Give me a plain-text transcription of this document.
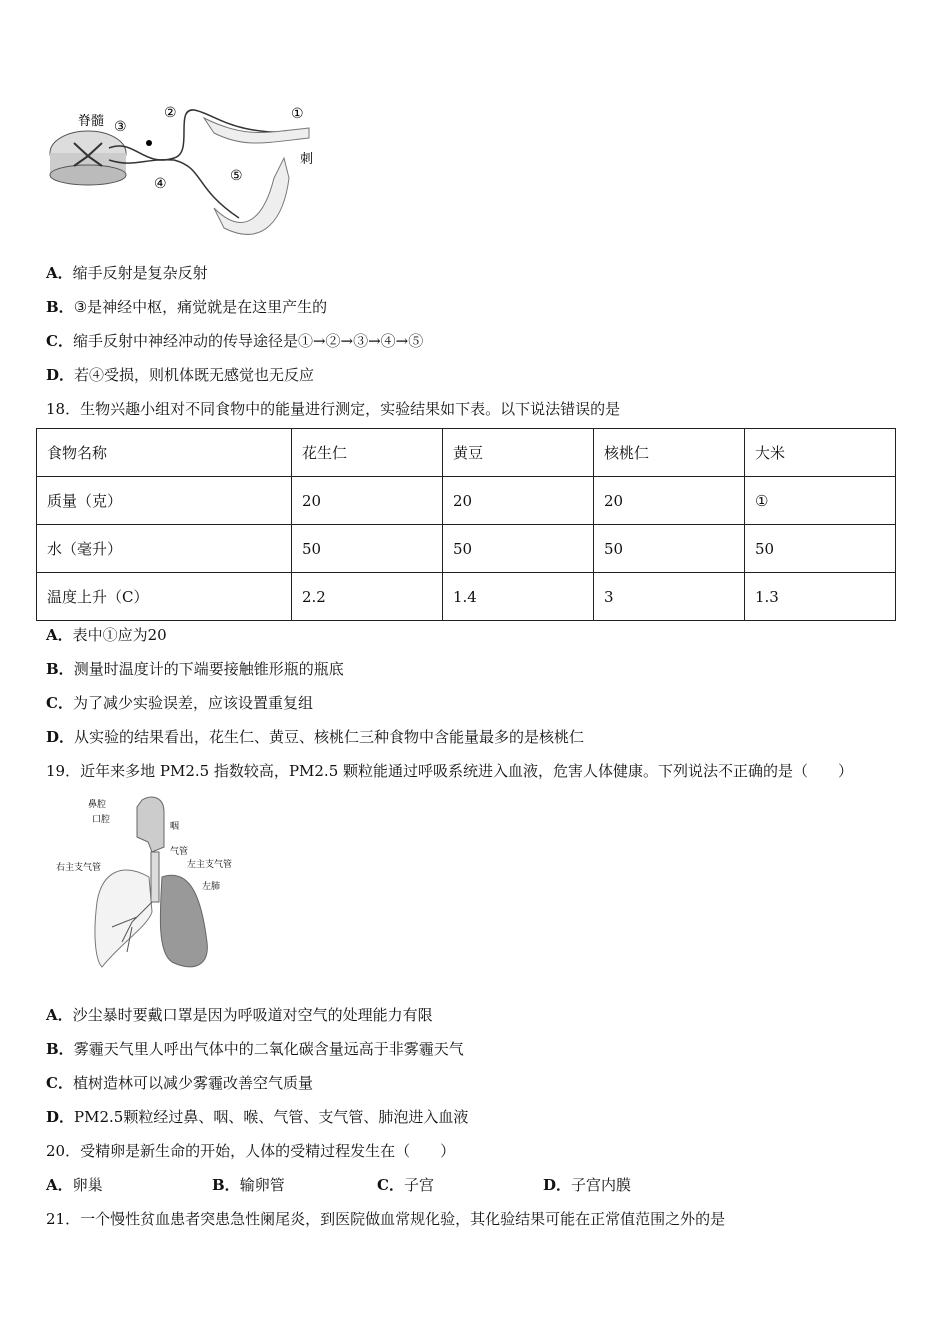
脊髓 ③
②	①
刺
④	⑤
A．缩手反射是复杂反射
B．③是神经中枢，痛觉就是在这里产生的
C．缩手反射中神经冲动的传导途径是①→②→③→④→⑤
D．若④受损，则机体既无感觉也无反应
18．生物兴趣小组对不同食物中的能量进行测定，实验结果如下表。以下说法错误的是
食物名称	花生仁	黄豆	核桃仁	大米
质量（克）	20	20	20	①
水（毫升）	50	50	50	50
温度上升（C）	2.2	1.4	3	1.3
A．表中①应为20
B．测量时温度计的下端要接触锥形瓶的瓶底
C．为了减少实验误差，应该设置重复组
D．从实验的结果看出，花生仁、黄豆、核桃仁三种食物中含能量最多的是核桃仁
19．近年来多地 PM2.5 指数较高，PM2.5 颗粒能通过呼吸系统进入血液，危害人体健康。下列说法不正确的是（　　）
鼻腔
口腔
咽
气管
右主支气管	左主支气管
左肺
A．沙尘暴时要戴口罩是因为呼吸道对空气的处理能力有限
B．雾霾天气里人呼出气体中的二氧化碳含量远高于非雾霾天气
C．植树造林可以减少雾霾改善空气质量
D．PM2.5颗粒经过鼻、咽、喉、气管、支气管、肺泡进入血液
20．受精卵是新生命的开始，人体的受精过程发生在（　　）
A．卵巢	B．输卵管	C．子宫	D．子宫内膜
21．一个慢性贫血患者突患急性阑尾炎，到医院做血常规化验，其化验结果可能在正常值范围之外的是
